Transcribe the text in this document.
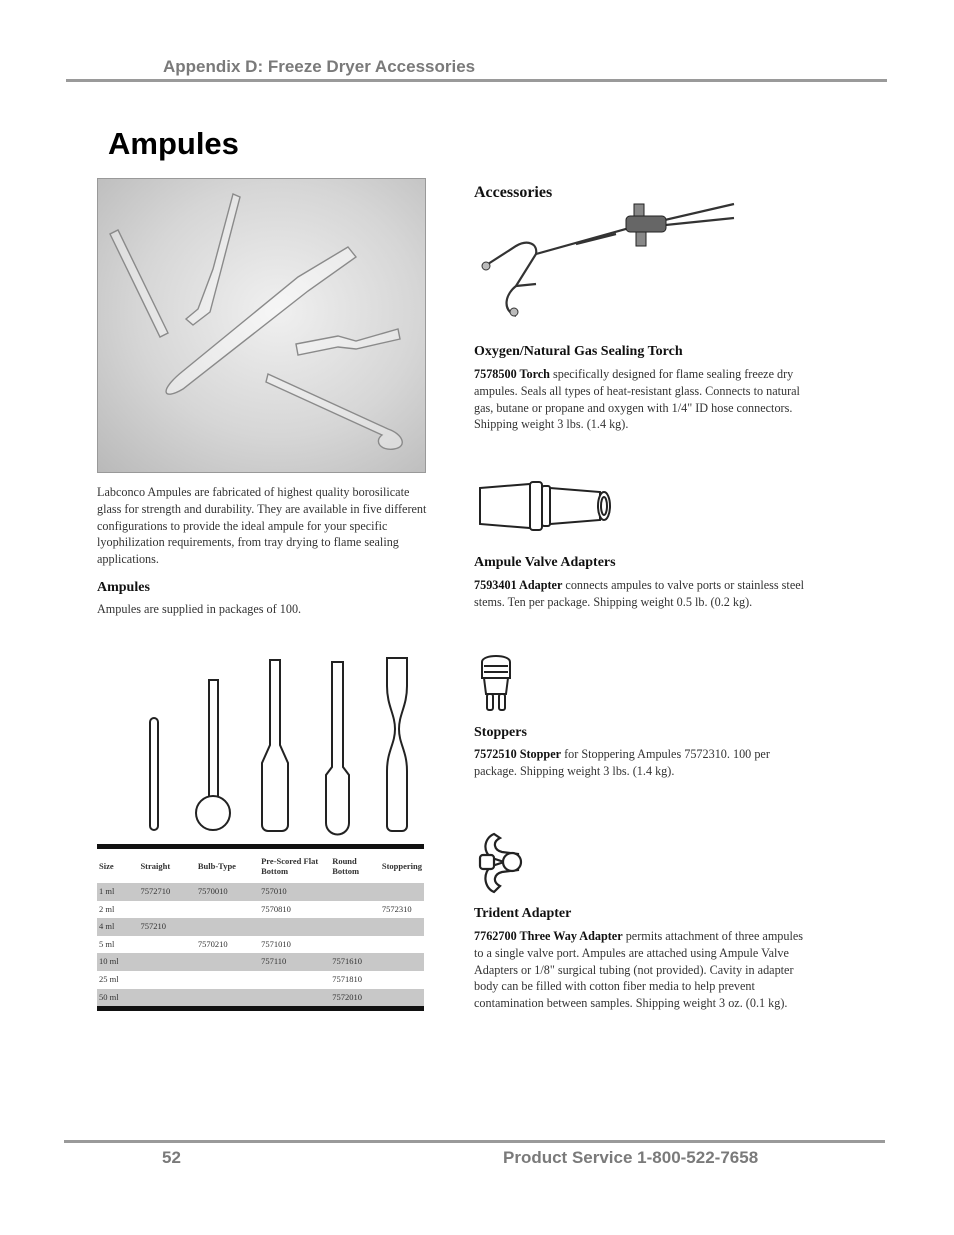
Appendix D: Freeze Dryer Accessories
Ampules
Labconco Ampules are fabricated of highest quality borosilicate glass for strength and durability. They are available in five different configurations to provide the ideal ampule for your specific lyophilization requirements, from tray drying to flame sealing applications.
Ampules
Ampules are supplied in packages of 100.
Size	Straight	Bulb-Type	Pre-Scored Flat Bottom	Round Bottom	Stoppering
1 ml	7572710	7570010	757010		
2 ml			7570810		7572310
4 ml	757210				
5 ml		7570210	7571010		
10 ml			757110	7571610	
25 ml				7571810	
50 ml				7572010	
Accessories
Oxygen/Natural Gas Sealing Torch
7578500 Torch specifically designed for flame sealing freeze dry ampules. Seals all types of heat-resistant glass. Connects to natural gas, butane or propane and oxygen with 1/4" ID hose connectors. Shipping weight 3 lbs. (1.4 kg).
Ampule Valve Adapters
7593401 Adapter connects ampules to valve ports or stainless steel stems. Ten per package. Shipping weight 0.5 lb. (0.2 kg).
Stoppers
7572510 Stopper for Stoppering Ampules 7572310. 100 per package. Shipping weight 3 lbs. (1.4 kg).
Trident Adapter
7762700 Three Way Adapter permits attachment of three ampules to a single valve port. Ampules are attached using Ampule Valve Adapters or 1/8" surgical tubing (not provided). Cavity in adapter body can be filled with cotton fiber media to help prevent contamination between samples. Shipping weight 3 oz. (0.1 kg).
52	Product Service 1-800-522-7658
